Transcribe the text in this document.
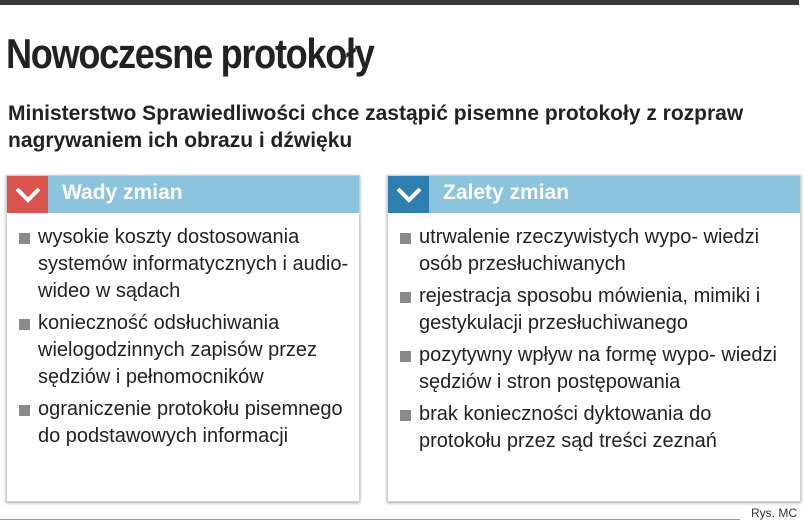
Nowoczesne protokoły
Ministerstwo Sprawiedliwości chce zastąpić pisemne protokoły z rozpraw nagrywaniem ich obrazu i dźwięku
Wady zmian
wysokie koszty dostosowania systemów informatycznych i audio-wideo w sądach
konieczność odsłuchiwania wielogodzinnych zapisów przez sędziów i pełnomocników
ograniczenie protokołu pisemnego do podstawowych informacji
Zalety zmian
utrwalenie rzeczywistych wypo- wiedzi osób przesłuchiwanych
rejestracja sposobu mówienia, mimiki i gestykulacji przesłuchiwanego
pozytywny wpływ na formę wypo- wiedzi sędziów i stron postępowania
brak konieczności dyktowania do protokołu przez sąd treści zeznań
Rys. MC
